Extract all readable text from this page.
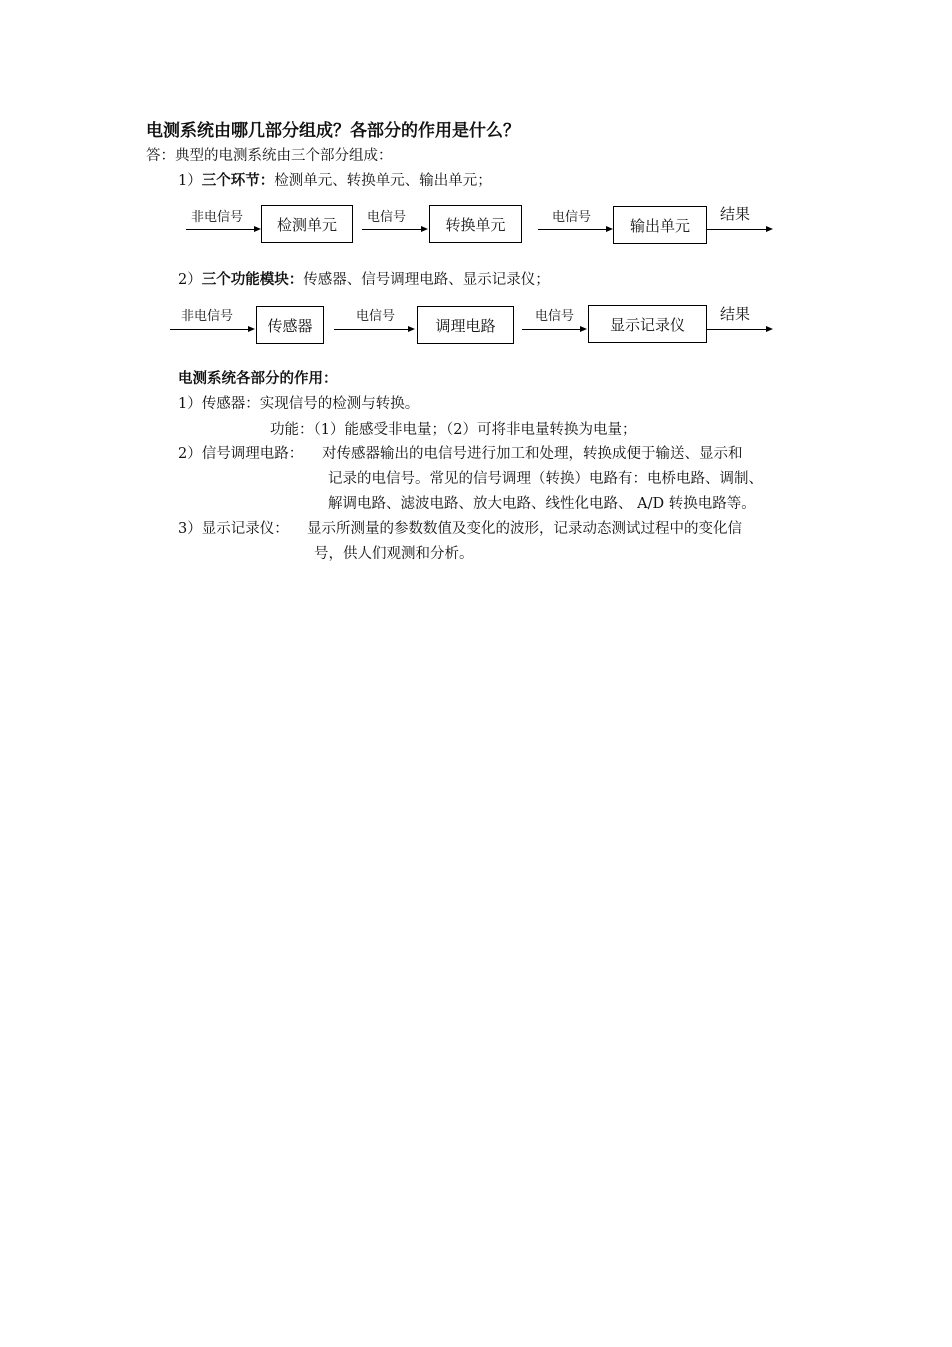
电测系统由哪几部分组成？各部分的作用是什么？
答：典型的电测系统由三个部分组成：
1）三个环节：检测单元、转换单元、输出单元；
非电信号	检测单元	电信号	转换单元	电信号	输出单元
结果
2）三个功能模块：传感器、信号调理电路、显示记录仪；
非电信号	传感器	电信号	调理电路	电信号	显示记录仪
结果
电测系统各部分的作用：
1）传感器：实现信号的检测与转换。
功能：（1）能感受非电量；（2）可将非电量转换为电量；
2）信号调理电路： 对传感器输出的电信号进行加工和处理，转换成便于输送、显示和
记录的电信号。常见的信号调理（转换）电路有：电桥电路、调制、
解调电路、滤波电路、放大电路、线性化电路、 A/D 转换电路等。
3）显示记录仪： 显示所测量的参数数值及变化的波形，记录动态测试过程中的变化信
号，供人们观测和分析。
